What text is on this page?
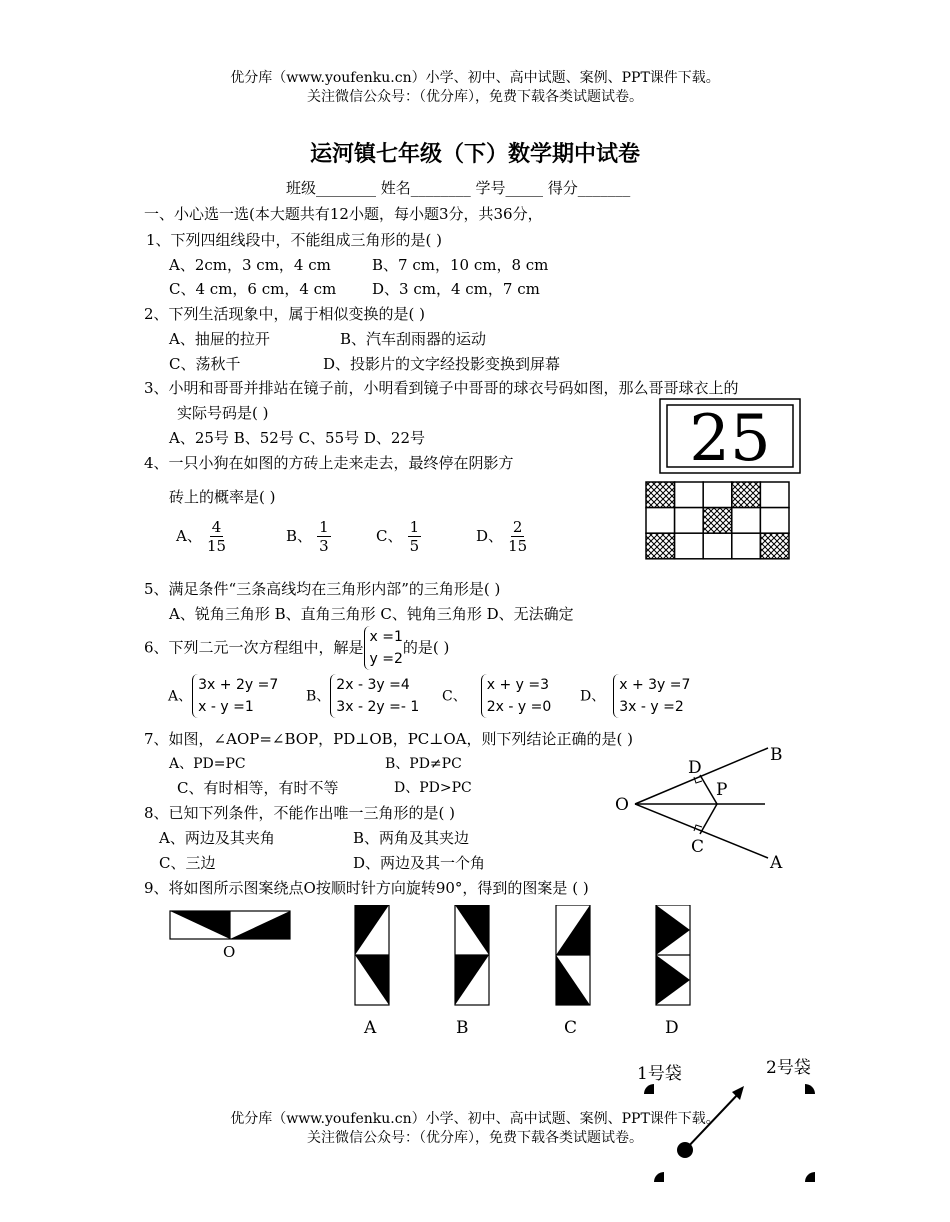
优分库（www.youfenku.cn）小学、初中、高中试题、案例、PPT课件下载。
关注微信公众号：（优分库），免费下载各类试题试卷。
运河镇七年级（下）数学期中试卷
班级________ 姓名________ 学号_____ 得分_______
一、小心选一选(本大题共有12小题，每小题3分，共36分，
1、下列四组线段中，不能组成三角形的是( )
A、2cm，3 cm，4 cm	B、7 cm，10 cm，8 cm
C、4 cm，6 cm，4 cm D、3 cm，4 cm，7 cm
2、下列生活现象中，属于相似变换的是( )
A、抽屉的拉开	B、汽车刮雨器的运动
C、荡秋千	D、投影片的文字经投影变换到屏幕
3、小明和哥哥并排站在镜子前，小明看到镜子中哥哥的球衣号码如图，那么哥哥球衣上的
实际号码是( )
A、25号 B、52号 C、55号 D、22号	25
4、一只小狗在如图的方砖上走来走去，最终停在阴影方
砖上的概率是( )
A、 $\frac{4}{15}$	B、 $\frac{1}{3}$	C、 $\frac{1}{5}$	D、 $\frac{2}{15}$
5、满足条件“三条高线均在三角形内部”的三角形是( )
A、锐角三角形 B、直角三角形 C、钝角三角形 D、无法确定
6、下列二元一次方程组中，解是
x =1
y =2
的是( )
A、
3x + 2y =7
x - y =1
B、
2x - 3y =4
3x - 2y =- 1
C、
x + y =3
2x - y =0
D、
x + 3y =7
3x - y =2
7、如图，∠AOP=∠BOP，PD⊥OB，PC⊥OA，则下列结论正确的是( )
A、PD=PC	B、PD≠PC
C、有时相等，有时不等	D、PD>PC
B
D
P
O
C
A
8、已知下列条件，不能作出唯一三角形的是( )
A、两边及其夹角	B、两角及其夹边
C、三边	D、两边及其一个角
9、将如图所示图案绕点O按顺时针方向旋转90°，得到的图案是 ( )
O
A	B	C	D
1号袋	2号袋
优分库（www.youfenku.cn）小学、初中、高中试题、案例、PPT课件下载。
关注微信公众号：（优分库），免费下载各类试题试卷。
